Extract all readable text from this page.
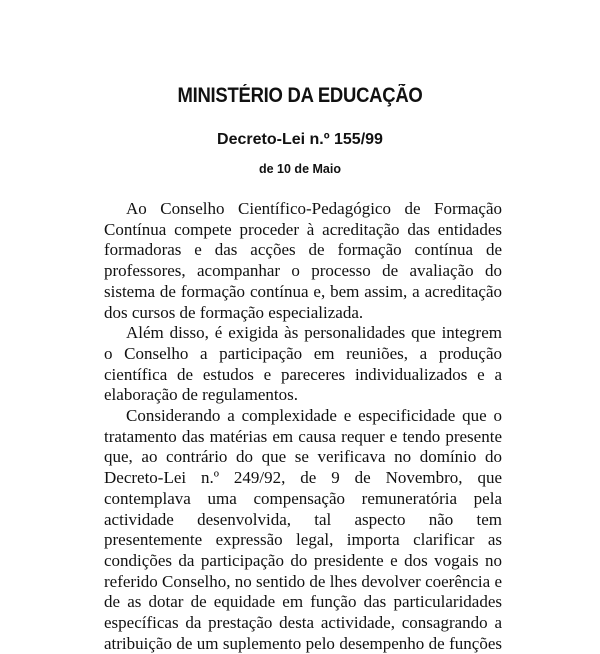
MINISTÉRIO DA EDUCAÇÃO
Decreto-Lei n.º 155/99
de 10 de Maio

Ao Conselho Científico-Pedagógico de Formação Contínua compete proceder à acreditação das entidades formadoras e das acções de formação contínua de professores, acompanhar o processo de avaliação do sistema de formação contínua e, bem assim, a acreditação dos cursos de formação especializada.

Além disso, é exigida às personalidades que integrem o Conselho a participação em reuniões, a produção científica de estudos e pareceres individualizados e a elaboração de regulamentos.

Considerando a complexidade e especificidade que o tratamento das matérias em causa requer e tendo presente que, ao contrário do que se verificava no domínio do Decreto-Lei n.º 249/92, de 9 de Novembro, que contemplava uma compensação remuneratória pela actividade desenvolvida, tal aspecto não tem presentemente expressão legal, importa clarificar as condições da participação do presidente e dos vogais no referido Conselho, no sentido de lhes devolver coerência e de as dotar de equidade em função das particularidades específicas da prestação desta actividade, consagrando a atribuição de um suplemento pelo desempenho de funções
